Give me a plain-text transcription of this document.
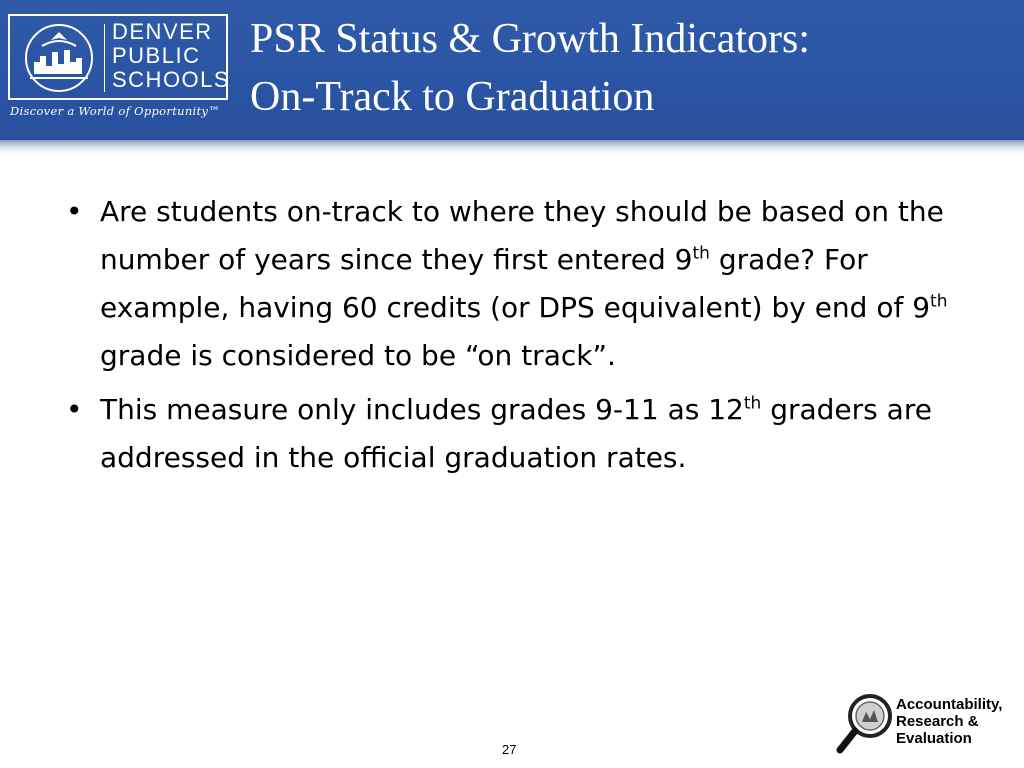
DENVER
PUBLIC
SCHOOLS
Discover a World of Opportunity™
PSR Status & Growth Indicators:
On-Track to Graduation
• Are students on-track to where they should be based on the number of years since they first entered 9th grade? For example, having 60 credits (or DPS equivalent) by end of 9th grade is considered to be “on track”.
• This measure only includes grades 9-11 as 12th graders are addressed in the official graduation rates.
27
Accountability,
Research &
Evaluation
